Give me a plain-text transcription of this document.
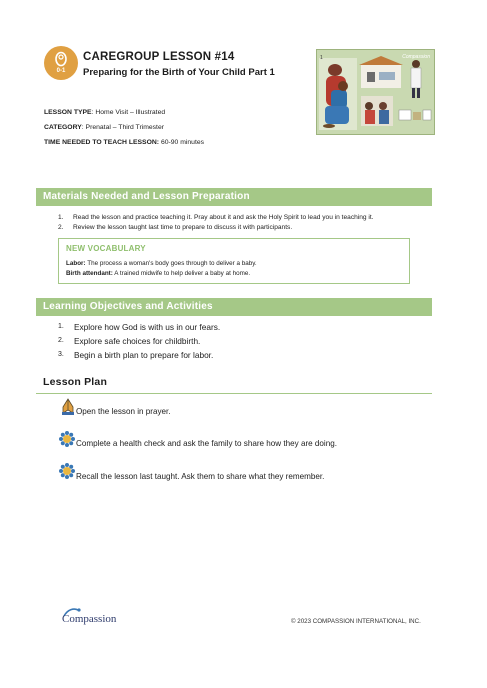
0-1
CAREGROUP LESSON #14
Preparing for the Birth of Your Child Part 1
LESSON TYPE: Home Visit – Illustrated
CATEGORY: Prenatal – Third Trimester
TIME NEEDED TO TEACH LESSON: 60-90 minutes
1	Compassion
Materials Needed and Lesson Preparation
1. Read the lesson and practice teaching it. Pray about it and ask the Holy Spirit to lead you in teaching it.
2. Review the lesson taught last time to prepare to discuss it with participants.
NEW VOCABULARY
Labor: The process a woman's body goes through to deliver a baby.
Birth attendant: A trained midwife to help deliver a baby at home.
Learning Objectives and Activities
1. Explore how God is with us in our fears.
2. Explore safe choices for childbirth.
3. Begin a birth plan to prepare for labor.
Lesson Plan
Open the lesson in prayer.
Complete a health check and ask the family to share how they are doing.
Recall the lesson last taught. Ask them to share what they remember.
Compassion	© 2023 COMPASSION INTERNATIONAL, INC.
